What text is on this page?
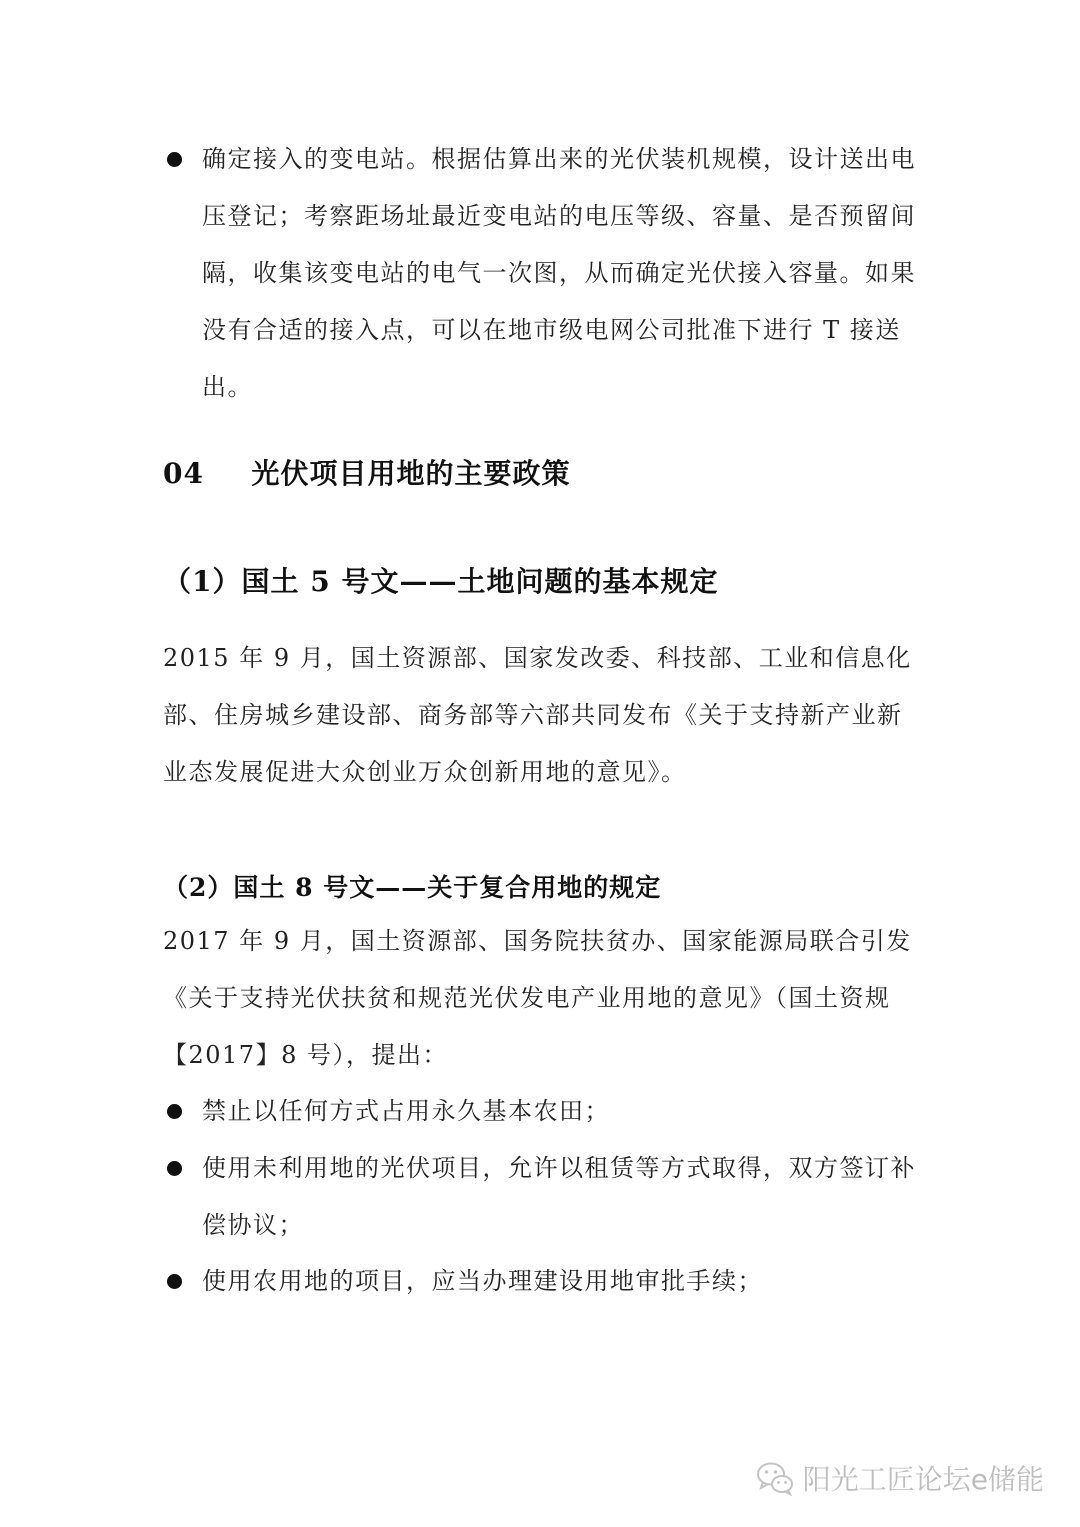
确定接入的变电站。根据估算出来的光伏装机规模，设计送出电压登记；考察距场址最近变电站的电压等级、容量、是否预留间隔，收集该变电站的电气一次图，从而确定光伏接入容量。如果没有合适的接入点，可以在地市级电网公司批准下进行 T 接送出。
04 光伏项目用地的主要政策
（1）国土 5 号文——土地问题的基本规定
2015 年 9 月，国土资源部、国家发改委、科技部、工业和信息化部、住房城乡建设部、商务部等六部共同发布《关于支持新产业新业态发展促进大众创业万众创新用地的意见》。
（2）国土 8 号文——关于复合用地的规定
2017 年 9 月，国土资源部、国务院扶贫办、国家能源局联合引发《关于支持光伏扶贫和规范光伏发电产业用地的意见》（国土资规【2017】8 号），提出：
禁止以任何方式占用永久基本农田；
使用未利用地的光伏项目，允许以租赁等方式取得，双方签订补偿协议；
使用农用地的项目，应当办理建设用地审批手续；
阳光工匠论坛e储能
